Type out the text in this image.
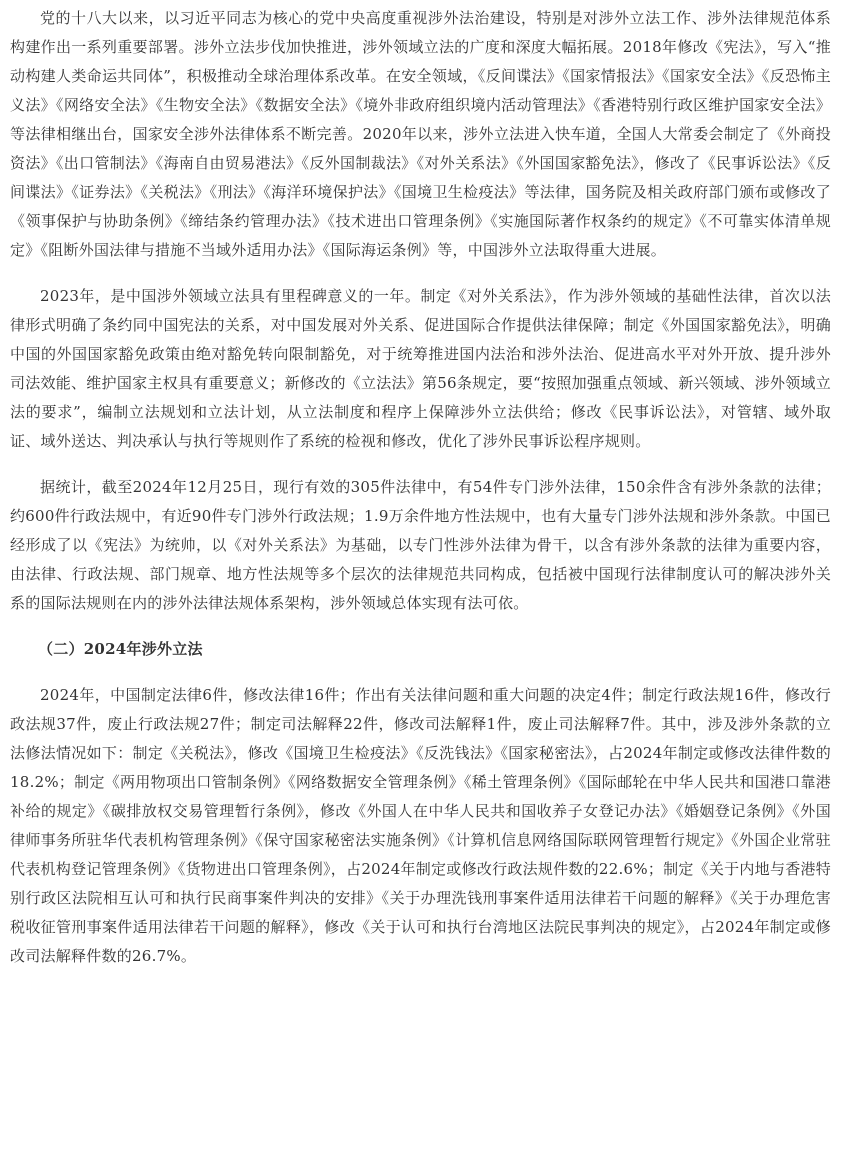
党的十八大以来，以习近平同志为核心的党中央高度重视涉外法治建设，特别是对涉外立法工作、涉外法律规范体系构建作出一系列重要部署。涉外立法步伐加快推进，涉外领域立法的广度和深度大幅拓展。2018年修改《宪法》，写入“推动构建人类命运共同体”，积极推动全球治理体系改革。在安全领域，《反间谍法》《国家情报法》《国家安全法》《反恐怖主义法》《网络安全法》《生物安全法》《数据安全法》《境外非政府组织境内活动管理法》《香港特别行政区维护国家安全法》等法律相继出台，国家安全涉外法律体系不断完善。2020年以来，涉外立法进入快车道，全国人大常委会制定了《外商投资法》《出口管制法》《海南自由贸易港法》《反外国制裁法》《对外关系法》《外国国家豁免法》，修改了《民事诉讼法》《反间谍法》《证券法》《关税法》《刑法》《海洋环境保护法》《国境卫生检疫法》等法律，国务院及相关政府部门颁布或修改了《领事保护与协助条例》《缔结条约管理办法》《技术进出口管理条例》《实施国际著作权条约的规定》《不可靠实体清单规定》《阻断外国法律与措施不当域外适用办法》《国际海运条例》等，中国涉外立法取得重大进展。

2023年，是中国涉外领域立法具有里程碑意义的一年。制定《对外关系法》，作为涉外领域的基础性法律，首次以法律形式明确了条约同中国宪法的关系，对中国发展对外关系、促进国际合作提供法律保障；制定《外国国家豁免法》，明确中国的外国国家豁免政策由绝对豁免转向限制豁免，对于统筹推进国内法治和涉外法治、促进高水平对外开放、提升涉外司法效能、维护国家主权具有重要意义；新修改的《立法法》第56条规定，要“按照加强重点领域、新兴领域、涉外领域立法的要求”，编制立法规划和立法计划，从立法制度和程序上保障涉外立法供给；修改《民事诉讼法》，对管辖、域外取证、域外送达、判决承认与执行等规则作了系统的检视和修改，优化了涉外民事诉讼程序规则。

据统计，截至2024年12月25日，现行有效的305件法律中，有54件专门涉外法律，150余件含有涉外条款的法律；约600件行政法规中，有近90件专门涉外行政法规；1.9万余件地方性法规中，也有大量专门涉外法规和涉外条款。中国已经形成了以《宪法》为统帅，以《对外关系法》为基础，以专门性涉外法律为骨干，以含有涉外条款的法律为重要内容，由法律、行政法规、部门规章、地方性法规等多个层次的法律规范共同构成，包括被中国现行法律制度认可的解决涉外关系的国际法规则在内的涉外法律法规体系架构，涉外领域总体实现有法可依。

（二）2024年涉外立法

2024年，中国制定法律6件，修改法律16件；作出有关法律问题和重大问题的决定4件；制定行政法规16件，修改行政法规37件，废止行政法规27件；制定司法解释22件，修改司法解释1件，废止司法解释7件。其中，涉及涉外条款的立法修法情况如下：制定《关税法》，修改《国境卫生检疫法》《反洗钱法》《国家秘密法》，占2024年制定或修改法律件数的18.2%；制定《两用物项出口管制条例》《网络数据安全管理条例》《稀土管理条例》《国际邮轮在中华人民共和国港口靠港补给的规定》《碳排放权交易管理暂行条例》，修改《外国人在中华人民共和国收养子女登记办法》《婚姻登记条例》《外国律师事务所驻华代表机构管理条例》《保守国家秘密法实施条例》《计算机信息网络国际联网管理暂行规定》《外国企业常驻代表机构登记管理条例》《货物进出口管理条例》，占2024年制定或修改行政法规件数的22.6%；制定《关于内地与香港特别行政区法院相互认可和执行民商事案件判决的安排》《关于办理洗钱刑事案件适用法律若干问题的解释》《关于办理危害税收征管刑事案件适用法律若干问题的解释》，修改《关于认可和执行台湾地区法院民事判决的规定》，占2024年制定或修改司法解释件数的26.7%。
